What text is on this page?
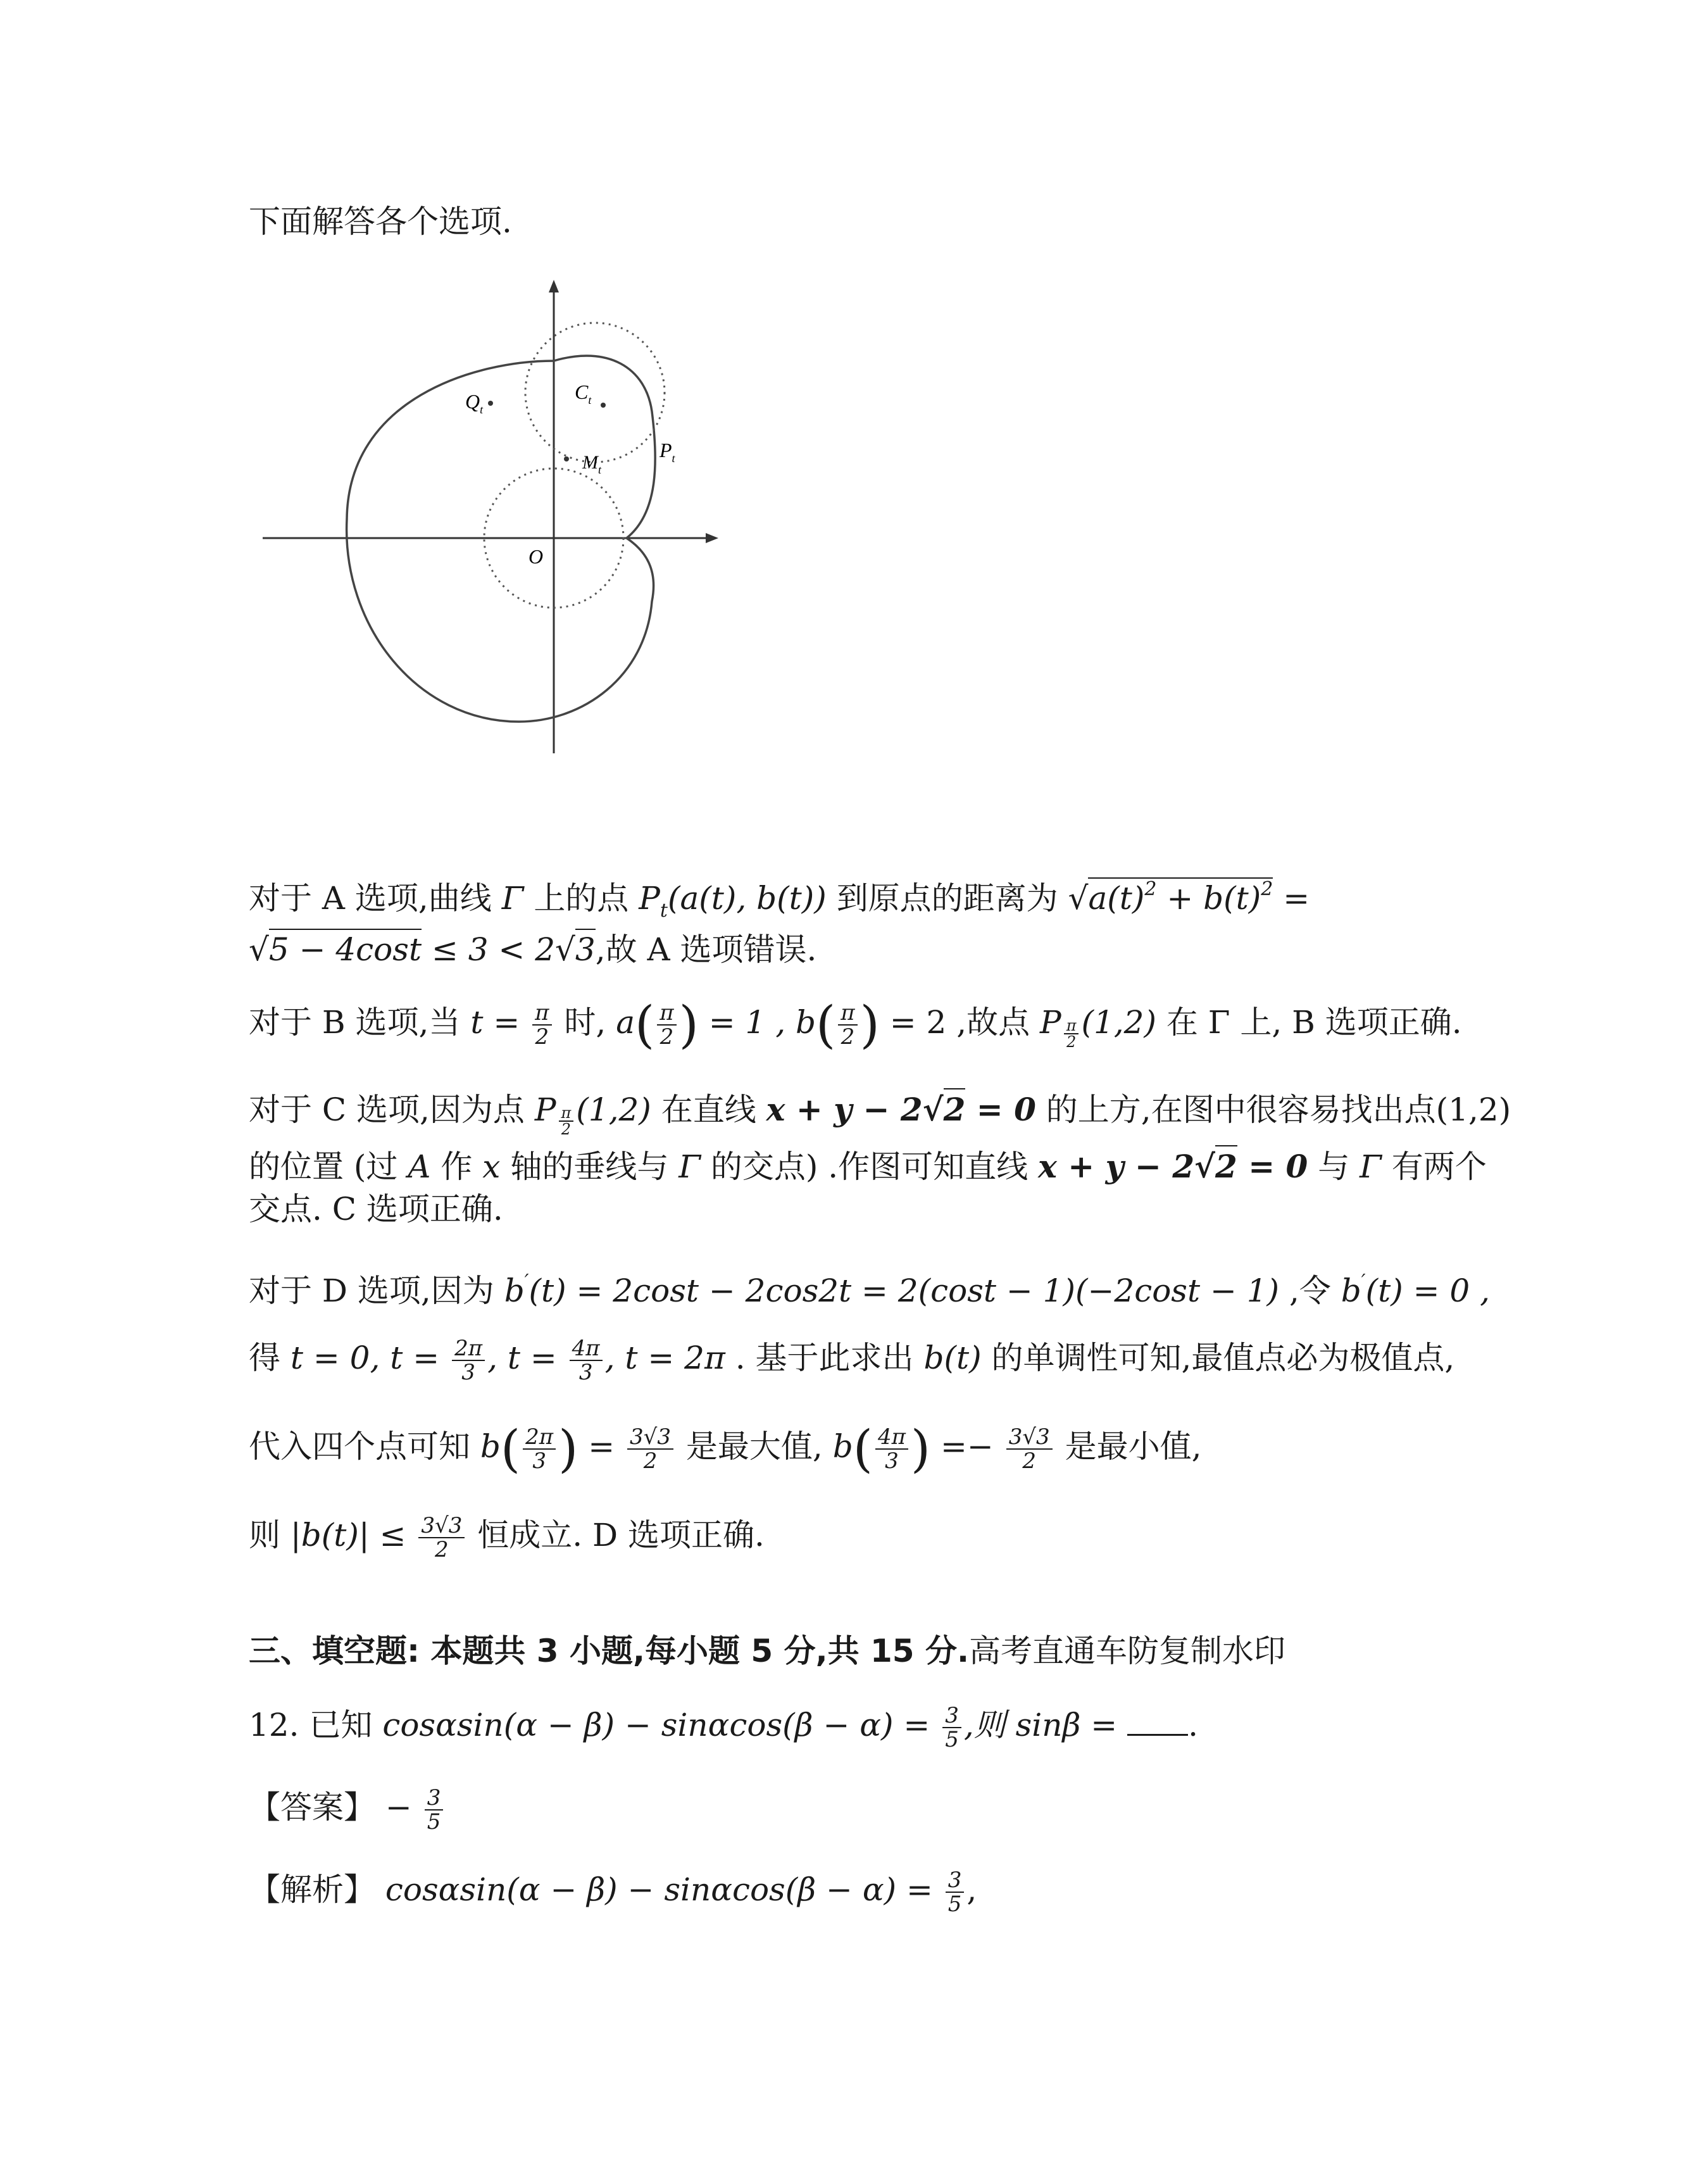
下面解答各个选项.
$Q_t$
$C_t$
$M_t$
$P_t$
O
对于 A 选项,曲线 Γ 上的点 $P_t(a(t)$, b(t)) 到原点的距离为 $√a(t)^2 + b(t)^2$ =
√5 − 4cost ≤ 3 < 2√3,故 A 选项错误.
对于 B 选项,当 $t = \frac{\pi}{2}$ 时, $a( \frac{\pi}{2}$ ) = 1 , $b( \frac{\pi}{2}$ ) = 2 ,故点 P $\frac{\pi}{2} (1,2)$ 在 Γ 上, B 选项正确.
对于 C 选项,因为点 P $\frac{\pi}{2} (1,2)$ 在直线 x + y − 2√2 = 0 的上方,在图中很容易找出点(1,2)
的位置 (过 A 作 x 轴的垂线与 Γ 的交点) .作图可知直线 x + y − 2√2 = 0 与 Γ 有两个
交点. C 选项正确.
对于 D 选项,因为 b′(t) = 2cost − 2cos2t = 2(cost − 1)(−2cost − 1) ,令 b′(t) = 0 ,
得 t = 0, $t = \frac{2\pi}{3}$ , $t = \frac{4\pi}{3}$ , t = 2π . 基于此求出 b(t) 的单调性可知,最值点必为极值点,
代入四个点可知 $b( \frac{2\pi}{3}$ ) = $\frac{3√3}{2}$ 是最大值, $b( \frac{4\pi}{3}$ ) =− $\frac{3√3}{2}$ 是最小值,
则 $|b(t)| \le \frac{3√3}{2}$ 恒成立. D 选项正确.
三、填空题: 本题共 3 小题,每小题 5 分,共 15 分.高考直通车防复制水印
12. 已知 $\cos\alpha\sin(\alpha - \beta) - \sin\alpha\cos(\beta - \alpha) = \frac{3}{5}$ ,则 sinβ = .
【答案】 − $\frac{3}{5}$
【解析】 $\cos\alpha\sin(\alpha - \beta) - \sin\alpha\cos(\beta - \alpha) = \frac{3}{5}$ ,
